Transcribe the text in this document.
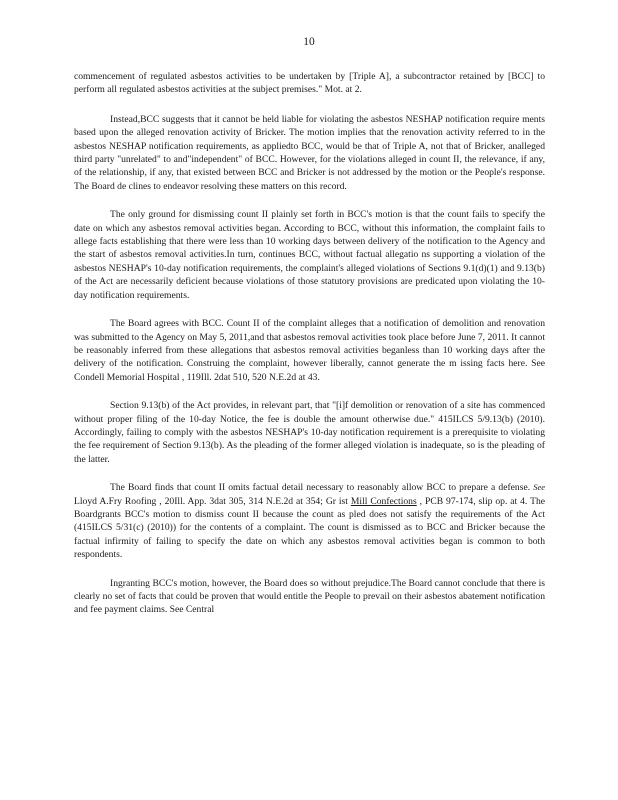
10

commencement of regulated asbestos activities to be undertaken by [Triple A], a subcontractor retained by [BCC] to perform all regulated asbestos activities at the subject premises." Mot. at 2.

Instead,BCC suggests that it cannot be held liable for violating the asbestos NESHAP notification require ments based upon the alleged renovation activity of Bricker. The motion implies that the renovation activity referred to in the asbestos NESHAP notification requirements, as appliedto BCC, would be that of Triple A, not that of Bricker, analleged third party "unrelated" to and"independent" of BCC. However, for the violations alleged in count II, the relevance, if any, of the relationship, if any, that existed between BCC and Bricker is not addressed by the motion or the People's response. The Board de clines to endeavor resolving these matters on this record.

The only ground for dismissing count II plainly set forth in BCC's motion is that the count fails to specify the date on which any asbestos removal activities began. According to BCC, without this information, the complaint fails to allege facts establishing that there were less than 10 working days between delivery of the notification to the Agency and the start of asbestos removal activities.In turn, continues BCC, without factual allegatio ns supporting a violation of the asbestos NESHAP's 10-day notification requirements, the complaint's alleged violations of Sections 9.1(d)(1) and 9.13(b) of the Act are necessarily deficient because violations of those statutory provisions are predicated upon violating the 10-day notification requirements.

The Board agrees with BCC. Count II of the complaint alleges that a notification of demolition and renovation was submitted to the Agency on May 5, 2011,and that asbestos removal activities took place before June 7, 2011. It cannot be reasonably inferred from these allegations that asbestos removal activities beganless than 10 working days after the delivery of the notification. Construing the complaint, however liberally, cannot generate the m issing facts here. See Condell Memorial Hospital , 119Ill. 2dat 510, 520 N.E.2d at 43.

Section 9.13(b) of the Act provides, in relevant part, that "[i]f demolition or renovation of a site has commenced without proper filing of the 10-day Notice, the fee is double the amount otherwise due." 415ILCS 5/9.13(b) (2010). Accordingly, failing to comply with the asbestos NESHAP's 10-day notification requirement is a prerequisite to violating the fee requirement of Section 9.13(b). As the pleading of the former alleged violation is inadequate, so is the pleading of the latter.

The Board finds that count II omits factual detail necessary to reasonably allow BCC to prepare a defense. See Lloyd A.Fry Roofing , 20Ill. App. 3dat 305, 314 N.E.2d at 354; Gr ist Mill Confections , PCB 97-174, slip op. at 4. The Boardgrants BCC's motion to dismiss count II because the count as pled does not satisfy the requirements of the Act (415ILCS 5/31(c) (2010)) for the contents of a complaint. The count is dismissed as to BCC and Bricker because the factual infirmity of failing to specify the date on which any asbestos removal activities began is common to both respondents.

Ingranting BCC's motion, however, the Board does so without prejudice.The Board cannot conclude that there is clearly no set of facts that could be proven that would entitle the People to prevail on their asbestos abatement notification and fee payment claims. See Central
